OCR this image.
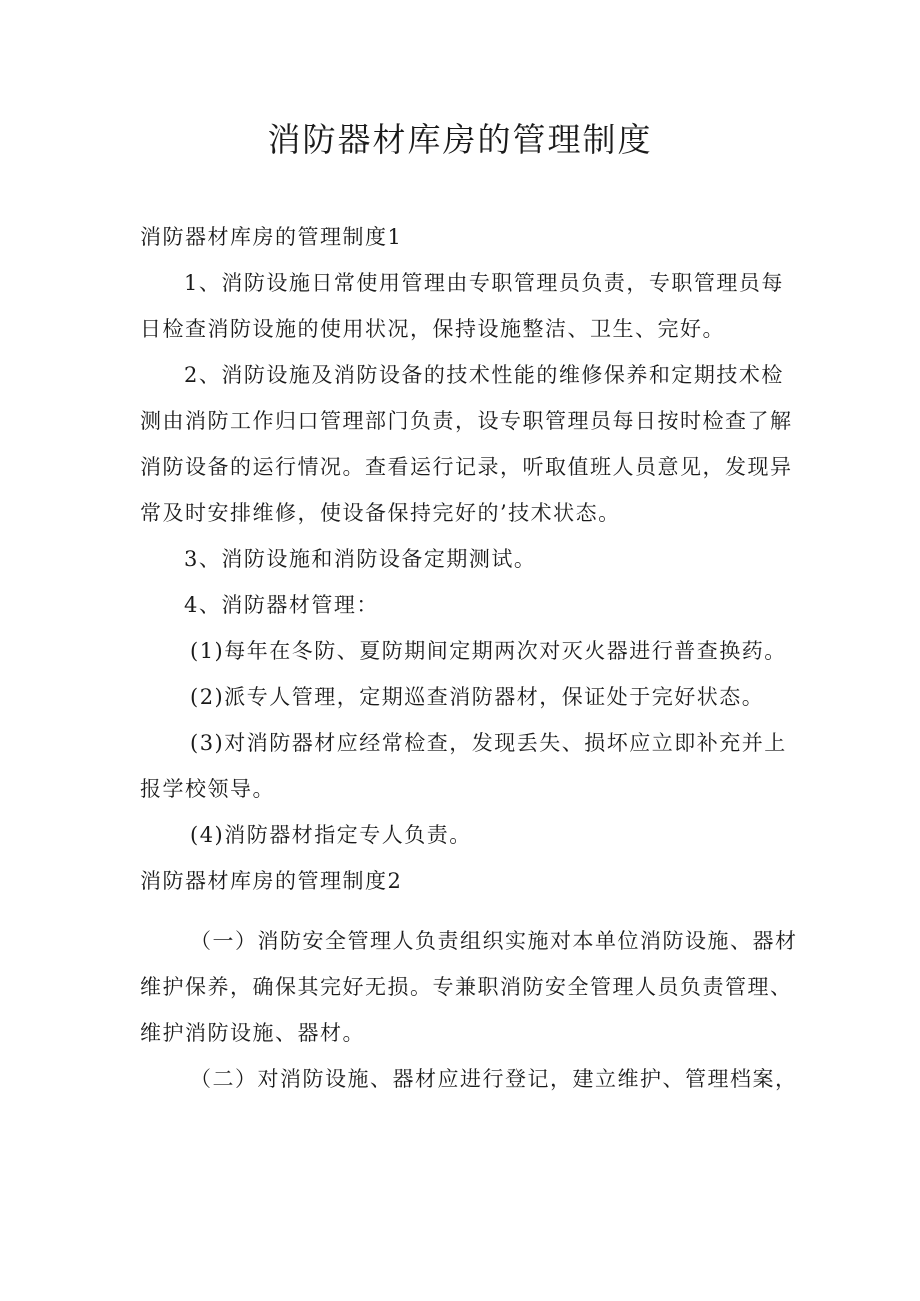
消防器材库房的管理制度

消防器材库房的管理制度1

1、消防设施日常使用管理由专职管理员负责，专职管理员每日检查消防设施的使用状况，保持设施整洁、卫生、完好。

2、消防设施及消防设备的技术性能的维修保养和定期技术检测由消防工作归口管理部门负责，设专职管理员每日按时检查了解消防设备的运行情况。查看运行记录，听取值班人员意见，发现异常及时安排维修，使设备保持完好的’技术状态。

3、消防设施和消防设备定期测试。

4、消防器材管理：

(1)每年在冬防、夏防期间定期两次对灭火器进行普查换药。

(2)派专人管理，定期巡查消防器材，保证处于完好状态。

(3)对消防器材应经常检查，发现丢失、损坏应立即补充并上报学校领导。

(4)消防器材指定专人负责。

消防器材库房的管理制度2

（一）消防安全管理人负责组织实施对本单位消防设施、器材维护保养，确保其完好无损。专兼职消防安全管理人员负责管理、维护消防设施、器材。

（二）对消防设施、器材应进行登记，建立维护、管理档案，
